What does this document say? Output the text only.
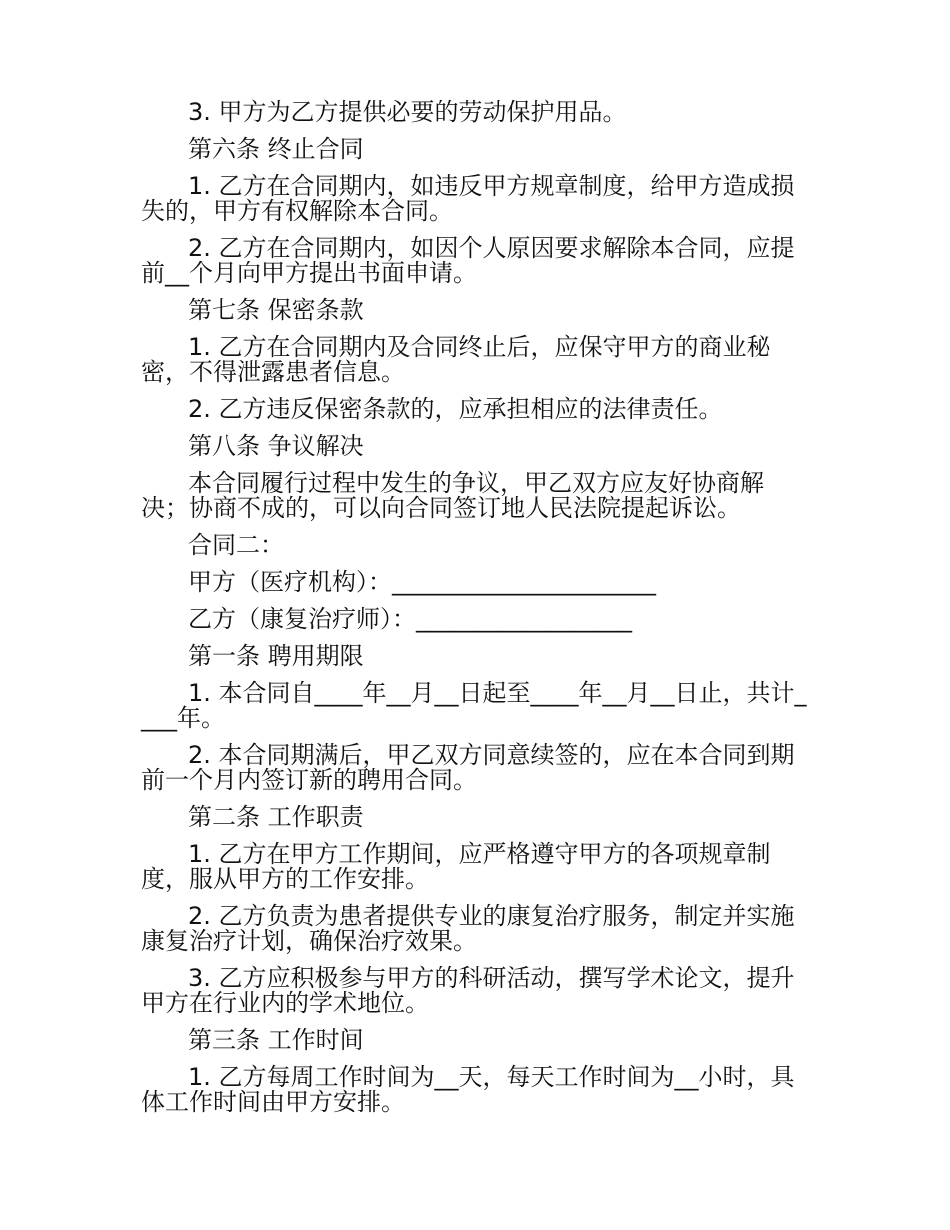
3. 甲方为乙方提供必要的劳动保护用品。

第六条 终止合同

1. 乙方在合同期内，如违反甲方规章制度，给甲方造成损失的，甲方有权解除本合同。

2. 乙方在合同期内，如因个人原因要求解除本合同，应提前__个月向甲方提出书面申请。

第七条 保密条款

1. 乙方在合同期内及合同终止后，应保守甲方的商业秘密，不得泄露患者信息。

2. 乙方违反保密条款的，应承担相应的法律责任。

第八条 争议解决

本合同履行过程中发生的争议，甲乙双方应友好协商解决；协商不成的，可以向合同签订地人民法院提起诉讼。

合同二：

甲方（医疗机构）：______________________

乙方（康复治疗师）：__________________

第一条 聘用期限

1. 本合同自____年__月__日起至____年__月__日止，共计____年。

2. 本合同期满后，甲乙双方同意续签的，应在本合同到期前一个月内签订新的聘用合同。

第二条 工作职责

1. 乙方在甲方工作期间，应严格遵守甲方的各项规章制度，服从甲方的工作安排。

2. 乙方负责为患者提供专业的康复治疗服务，制定并实施康复治疗计划，确保治疗效果。

3. 乙方应积极参与甲方的科研活动，撰写学术论文，提升甲方在行业内的学术地位。

第三条 工作时间

1. 乙方每周工作时间为__天，每天工作时间为__小时，具体工作时间由甲方安排。
